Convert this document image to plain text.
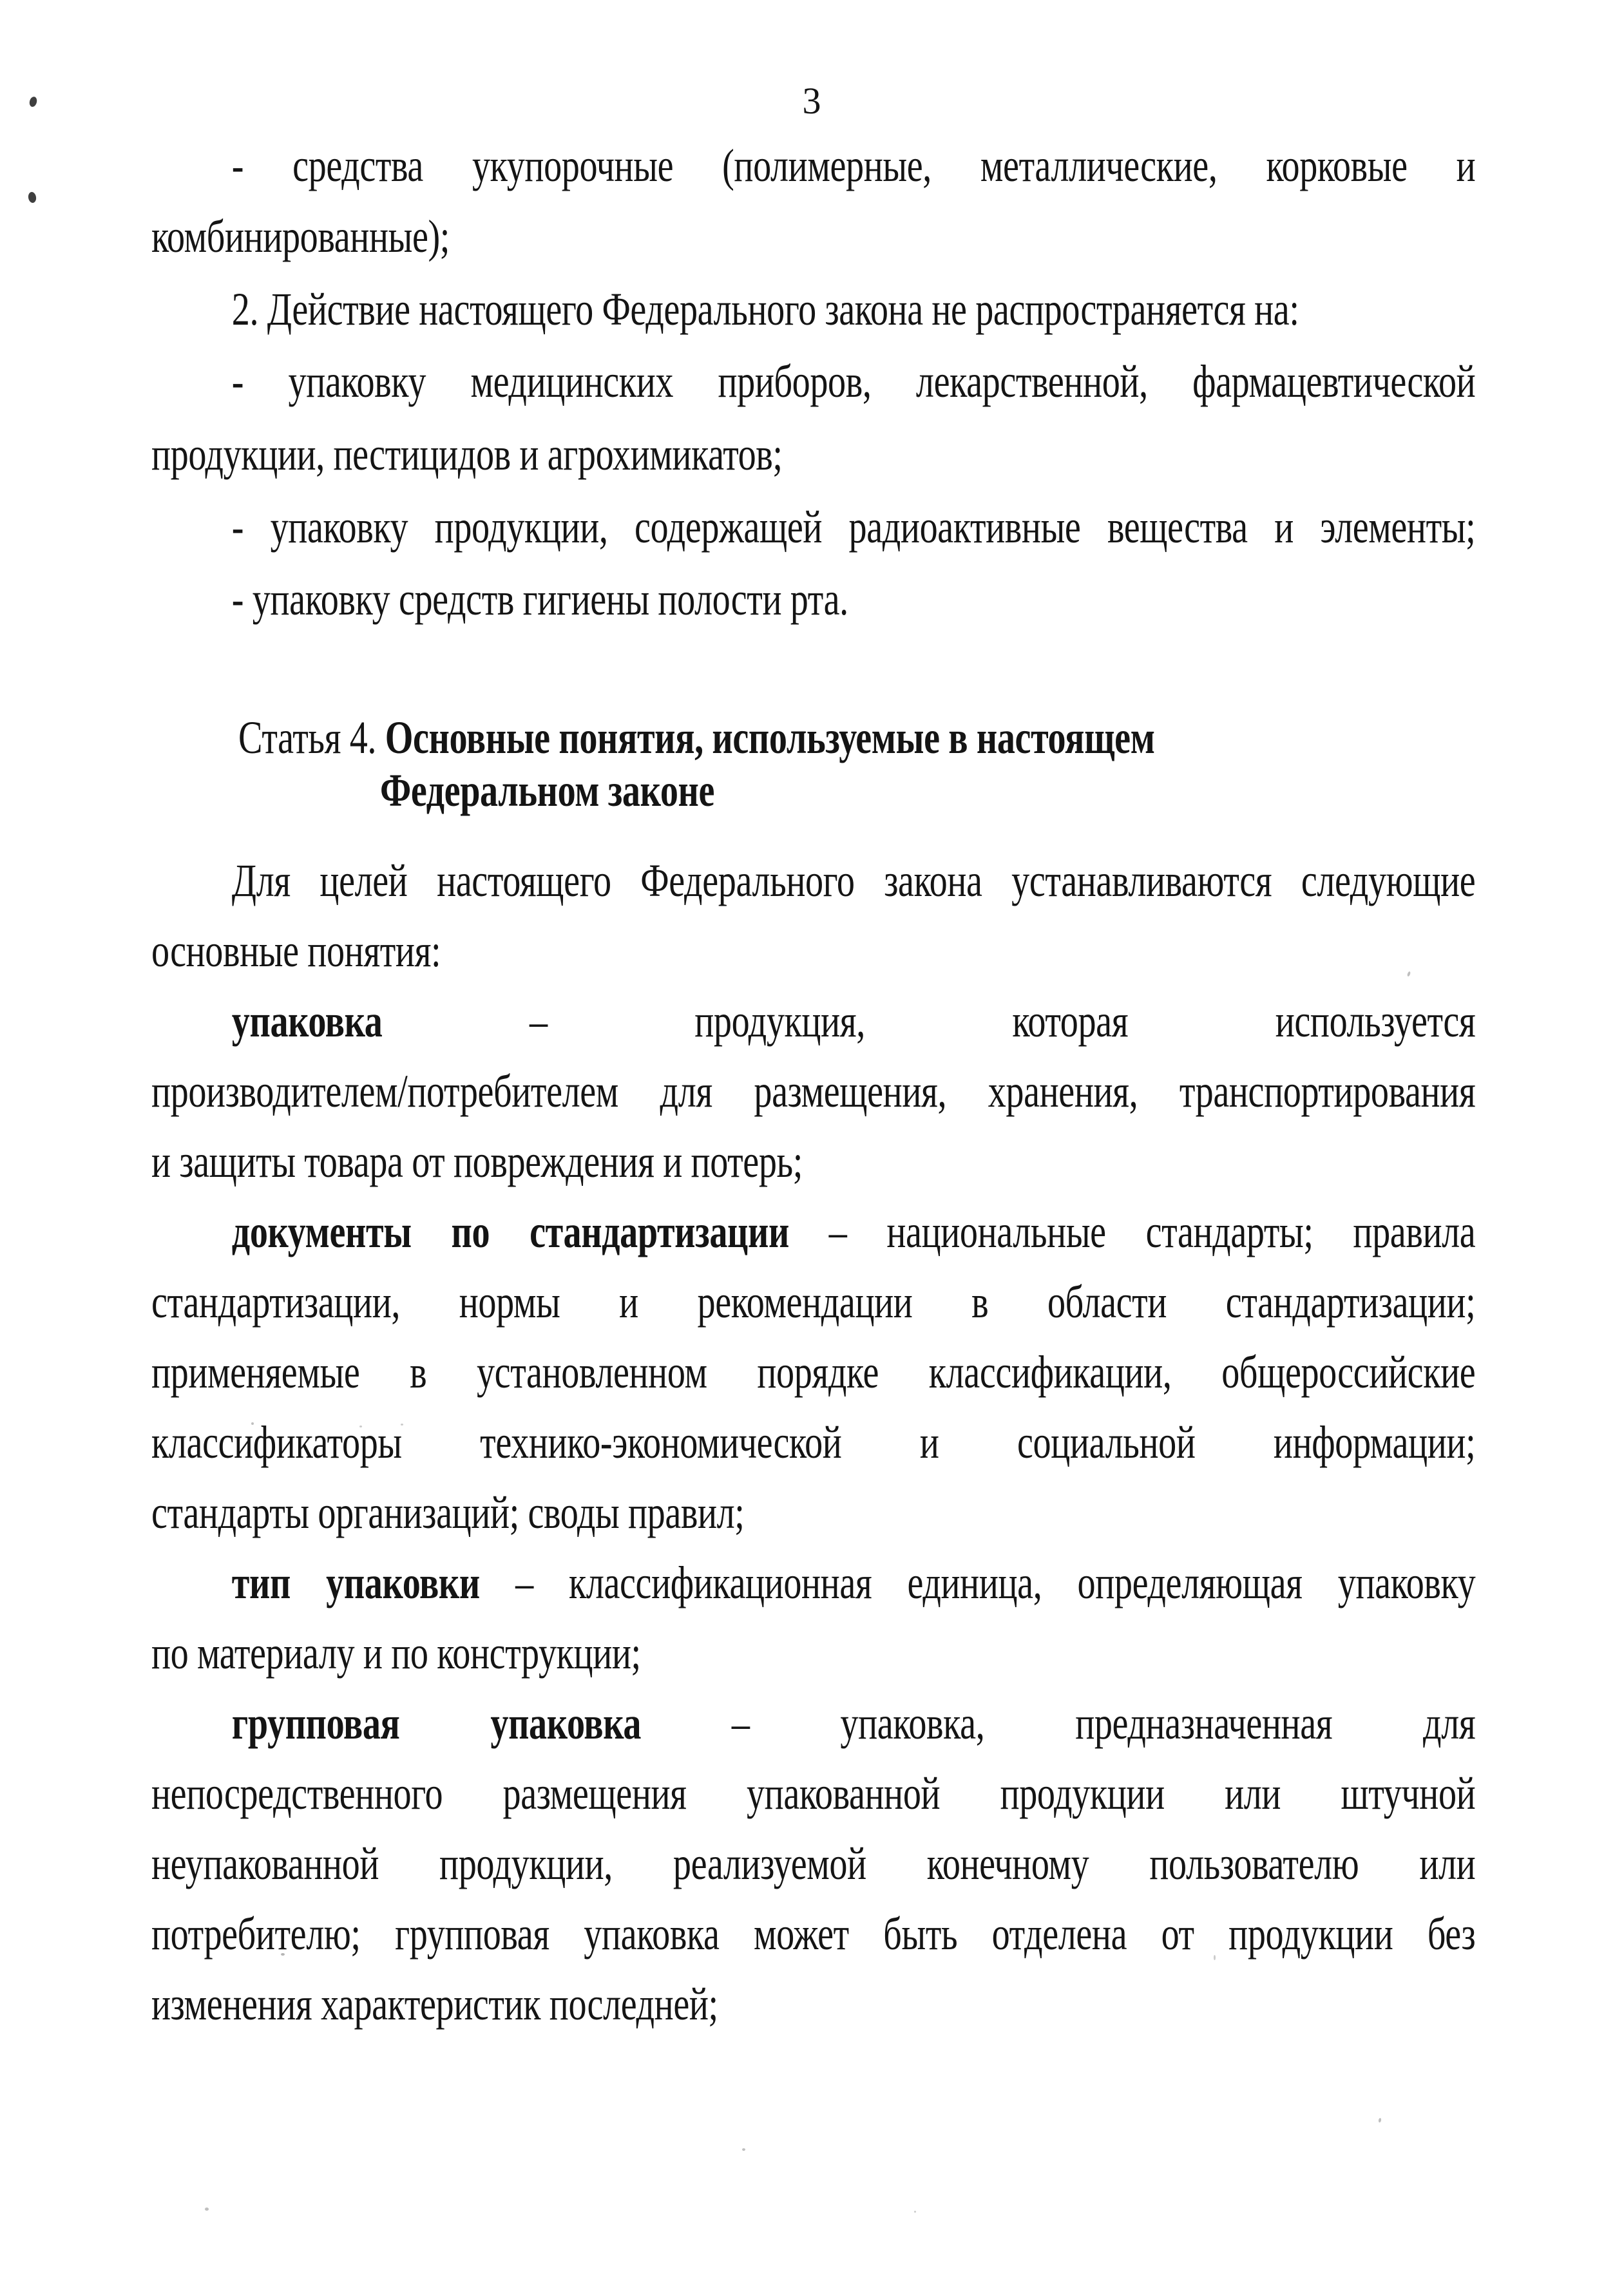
3
- средства укупорочные (полимерные, металлические, корковые и
комбинированные);
2. Действие настоящего Федерального закона не распространяется на:
- упаковку медицинских приборов, лекарственной, фармацевтической
продукции, пестицидов и агрохимикатов;
- упаковку продукции, содержащей радиоактивные вещества и элементы;
- упаковку средств гигиены полости рта.
Статья 4. Основные понятия, используемые в настоящем
Федеральном законе
Для целей настоящего Федерального закона устанавливаются следующие
основные понятия:
упаковка – продукция, которая используется
производителем/потребителем для размещения, хранения, транспортирования
и защиты товара от повреждения и потерь;
документы по стандартизации – национальные стандарты; правила
стандартизации, нормы и рекомендации в области стандартизации;
применяемые в установленном порядке классификации, общероссийские
классификаторы технико-экономической и социальной информации;
стандарты организаций; своды правил;
тип упаковки – классификационная единица, определяющая упаковку
по материалу и по конструкции;
групповая упаковка – упаковка, предназначенная для
непосредственного размещения упакованной продукции или штучной
неупакованной продукции, реализуемой конечному пользователю или
потребителю; групповая упаковка может быть отделена от продукции без
изменения характеристик последней;
